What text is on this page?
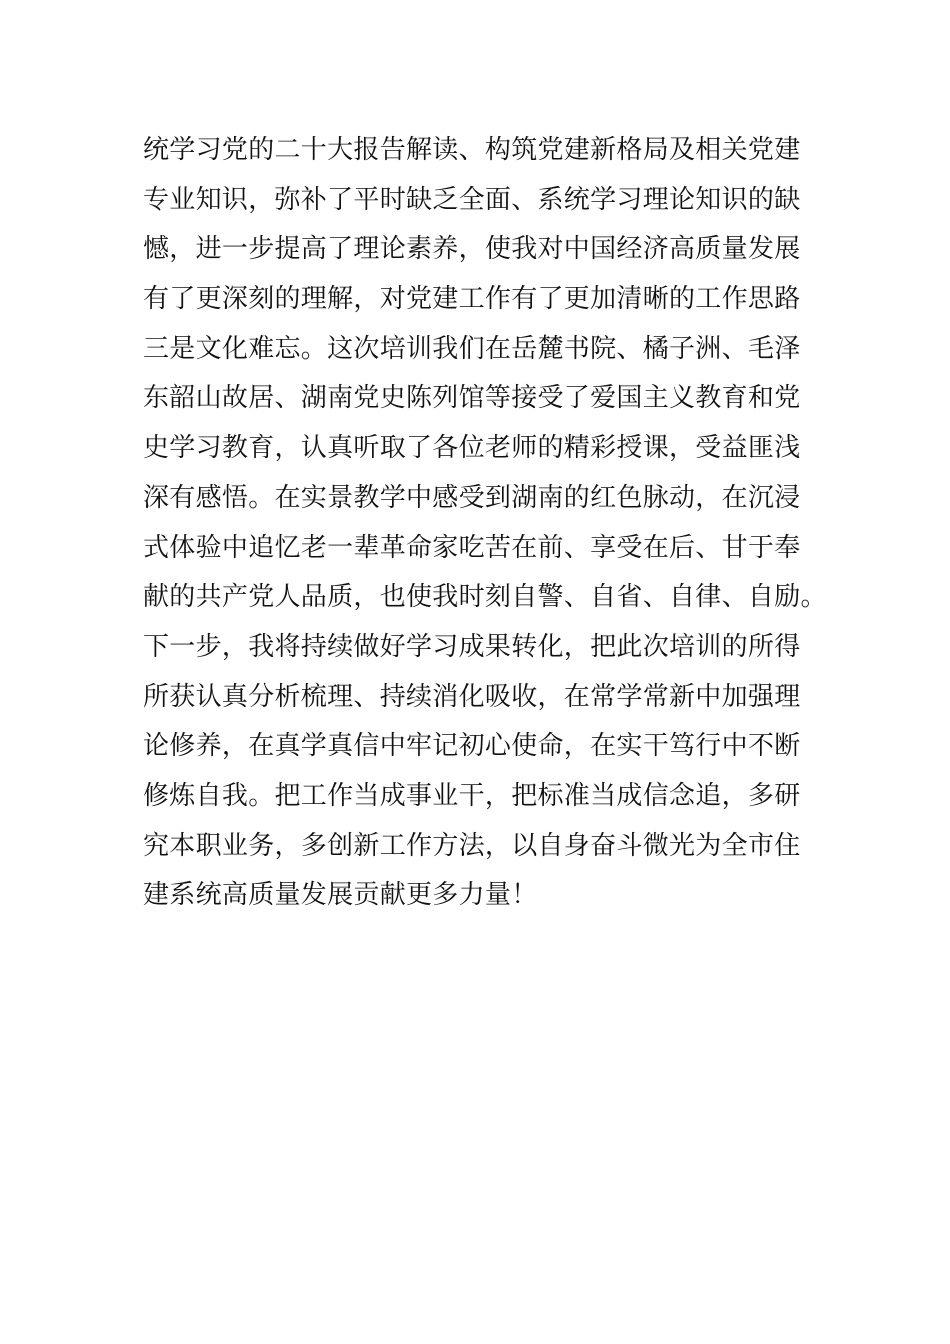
统学习党的二十大报告解读、构筑党建新格局及相关党建
专业知识，弥补了平时缺乏全面、系统学习理论知识的缺
憾，进一步提高了理论素养，使我对中国经济高质量发展
有了更深刻的理解，对党建工作有了更加清晰的工作思路
三是文化难忘。这次培训我们在岳麓书院、橘子洲、毛泽
东韶山故居、湖南党史陈列馆等接受了爱国主义教育和党
史学习教育，认真听取了各位老师的精彩授课，受益匪浅
深有感悟。在实景教学中感受到湖南的红色脉动，在沉浸
式体验中追忆老一辈革命家吃苦在前、享受在后、甘于奉
献的共产党人品质，也使我时刻自警、自省、自律、自励。
下一步，我将持续做好学习成果转化，把此次培训的所得
所获认真分析梳理、持续消化吸收，在常学常新中加强理
论修养，在真学真信中牢记初心使命，在实干笃行中不断
修炼自我。把工作当成事业干，把标准当成信念追，多研
究本职业务，多创新工作方法，以自身奋斗微光为全市住
建系统高质量发展贡献更多力量！
